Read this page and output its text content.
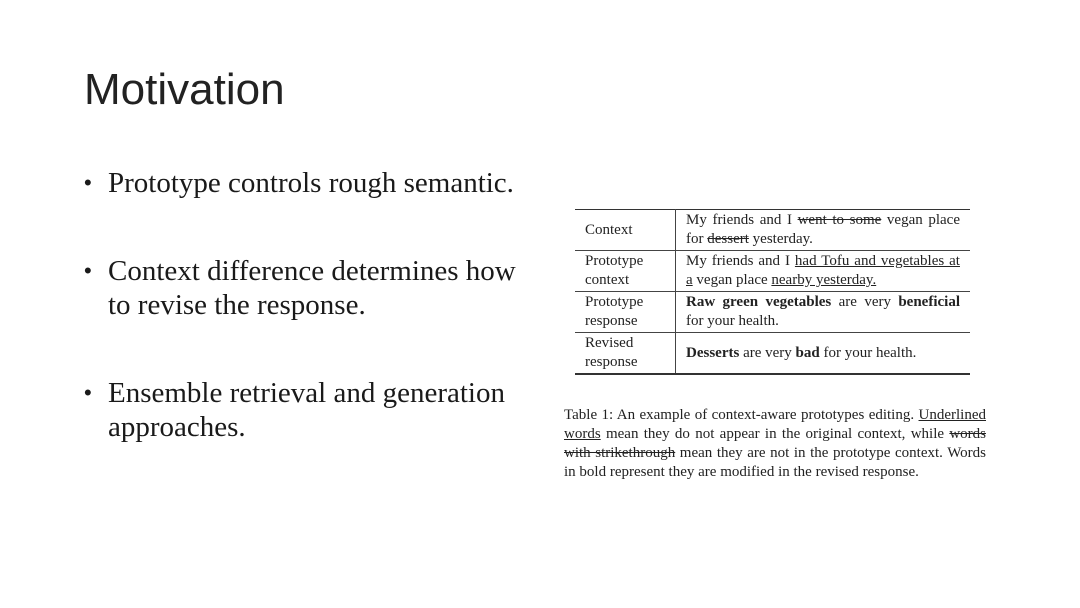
Motivation
• Prototype controls rough semantic.
• Context difference determines how to revise the response.
• Ensemble retrieval and generation approaches.
Context	My friends and I went to some vegan place for dessert yesterday.
Prototype context	My friends and I had Tofu and vegetables at a vegan place nearby yesterday.
Prototype response	Raw green vegetables are very beneficial for your health.
Revised response	Desserts are very bad for your health.
Table 1: An example of context-aware prototypes editing. Underlined words mean they do not appear in the original context, while words with strikethrough mean they are not in the prototype context. Words in bold represent they are modified in the revised response.
